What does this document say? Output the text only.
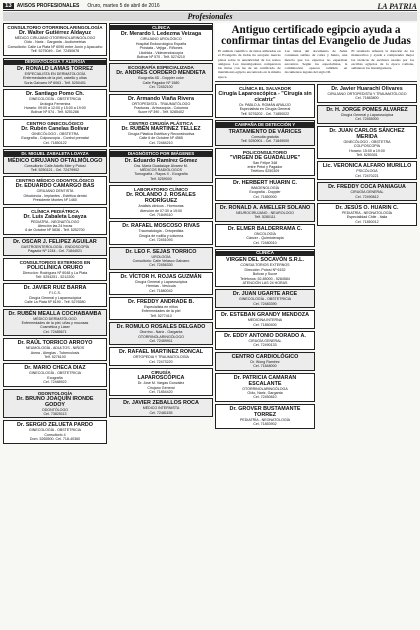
13	AVISOS PROFESIONALES Oruro, martes 5 de abril de 2016	LA PATRIA
Profesionales
CONSULTORIO OTORRINOLARINGOLOGÍA
Dr. Walter Gutiérrez Aldayuz
MÉDICO CIRUJANO OTORRINOLARINGÓLOGO
Oído - Nariz - Garganta - Audiometrías
Consultorio: Calle La Plata Nº 6090 entre Junín y Ayacucho
Telf. 5275049 - Cel. 72450678
DERMATOLOGÍA Y ALERGIA
Dr. RONALD LAMAS TORREZ
ESPECIALISTA EN DERMATOLOGÍA
Enfermedades de la piel, cabello y uñas
Soria Galvarro Nº 6063 - Telf. 5250401
Dr. Santiago Pomo Ch.
GINECOLOGÍA - OBSTETRICIA
Urología Femenina
Horario: 09:00 a 12:00 y 15:00 a 19:00
Bolívar Nº 574 - Telf. 5251286
CENTRO GINECOLÓGICO
Dr. Rubén Canelas Bolívar
GINECÓLOGO - OBSTETRA
Ecografía - Colposcopía - Control prenatal
Cel. 71850122
Dr. MIGUEL ZABALETA LOAYZA
MÉDICO CIRUJANO OFTALMÓLOGO
Consultorio: Calle Adolfo Mier y Potosí
Telf. 5250121 - Cel. 72479902
CENTRO MÉDICO ODONTOLÓGICO
Dr. EDUARDO CAMARGO BAS
CIRUJANO DENTISTA
Ortodoncia - Implantes - Estética dental
Presidente Montes Nº 1460
CLÍNICA PEDIÁTRICA
Dr. Luis Zabaleta Loayza
PEDIATRA - NEONATÓLOGO
Atención las 24 horas
6 de Octubre Nº 5836 - Telf. 5252700
Dr. OSCAR J. FELIPEZ AGUILAR
GASTROENTEROLOGÍA - ENDOSCOPÍA
Pagador Nº 1244 - Cel. 71844021
CONSULTORIOS EXTERNOS EN
POLICLÍNICA ORURO
Dirección: Rodríguez Nº 6048 y La Plata
Telf. 5254251 - 5212200
Dr. JAVIER RUIZ BARRA
F.I.C.S.
Cirugía General y Laparoscópica
Calle La Plata Nº 6190 - Telf. 5276580
Dr. RUBÉN MEALLA COCHABAMBA
MÉDICO DERMATÓLOGO
Enfermedades de la piel, uñas y mucosas
Cosmética y Láser
Cel. 72485671
Dr. RAÚL TORRICO ARROYO
NEUMOLOGÍA - ADULTOS - NIÑOS
Asma - Alergias - Tuberculosis
Telf. 5276100
Dr. MARIO CHECA DIAZ
GINECOLOGÍA - OBSTETRICIA
Ecografía
Cel. 72488922
ODONTOLOGÍA
Dr. BRUNO JOAQUÍN IRONDE GODOY
ODONTÓLOGO
Cel. 73825113
Dr. SERGIO ZELUETA PARDO
GINECOLOGÍA - OBSTETRICIA
Consultorio 4
Dom. 5265500. Cel. 718-40360
CLÍNICA
Dr. Merardo I. Ledezma Veizaga
CIRUJANO UROLÓGICO
Hospital Endourológico España
Próstata - Vejiga - Riñones
Litotricia - Videoendoscopía
Bolívar Nº 570 - Telf. 5274210
ECOGRAFÍA ESPECIALIZADA
Dr. ANDRÉS CORDERO MENDIETA
Ecografía 4D - Doppler color
Calle Pagador Nº 1580
Cel. 72452100
Dr. Armando Viaña Rivera
ORTOPEDISTA - TRAUMATÓLOGO
Fracturas - Artroscopía - Columna
Sucre Nº 390 - Telf. 5285402
CENTRO CIRUGÍA PLÁSTICA
Dr. RUBÉN MARTINEZ TELLEZ
Cirugía Plástica Estética y Reconstructiva
Calle 6 de Octubre Nº 4565
Cel. 72484210
DIAGNÓSTICO POR IMÁGENES
Dr. Eduardo Ramírez Gómez
Dra. María Guadalupe Álvarez M.
MÉDICOS RADIÓLOGOS
Tomografía - Rayos X - Ecografía
Telf. 5259000
LABORATORIO CLÍNICO
Dr. ROLANDO J. ROSALES RODRÍGUEZ
Análisis clínicos - Hormonas
Atención de 07:30 a 19:00
Cel. 71849110
Dr. RAFAEL MOSCOSO RIVAS
Traumatología - Ortopedista
Cirugía de rodilla y columna
Cel. 72451093
Dr. LEO F. SEJAS TORRICO
UROLOGÍA
Consultorio: Calle Velasco Galvarro
Cel. 72456330
Dr. VÍCTOR H. ROJAS GUZMÁN
Cirugía General y Laparoscópica
Hernias - Vesícula
Cel. 71880042
Dr. FREDDY ANDRADE B.
Especialista en niños
Enfermedades de la piel
Telf. 5277410
Dr. ROMULO ROSALES DELGADO
Otorrino - Nariz - Garganta
OTORRINOLARINGÓLOGO
Cel. 72459911
Dr. RAFAEL MARTINEZ RONCAL
ORTOPEDIA Y TRAUMATOLOGÍA
Cel. 72473220
CIRUGÍA
LAPAROSCÓPICA
Dr. José M. Vargas González
Cirujano General
Cel. 71854420
Dr. JAVIER ZEBALLOS ROCA
MÉDICO INTERNISTA
Cel. 72481155
Antiguo certificado egipcio ayuda a confirmar tintas del Evangelio de Judas

El análisis científico de tintas utilizadas en el Evangelio de Judas ha arrojado nuevas pistas sobre la autenticidad de los textos antiguos. Los investigadores compararon las tintas con las de un certificado de matrimonio egipcio encontrado en la misma época.

Las tintas del documento de Judas contienen sulfato de cobre y hierro, una mezcla que los expertos no esperaban encontrar. Según los especialistas, la combinación aparece también en documentos legales del siglo III.

El resultado refuerza la datación de los manuscritos y ayuda a comprender mejor las técnicas de escritura usadas por los escribas egipcios de la época romana, señalaron los investigadores.

CLÍNICA EL SALVADOR
Cirugía Laparoscópica - "Cirugía sin cicatriz"
Dr. PABLO A. ROMÁN ARAUJO
Especialista en Cirugía General
Telf. 5276202 - Cel. 71850022
CAMPAÑA DE DETECCIÓN Y
TRATAMIENTO DE VÁRICES
Consulta gratuita
Telf. 5250901 - Cel. 71849000
POLICONSULTORIO
"VIRGEN DE GUADALUPE"
San Felipe 348
entre Petot y Pagador
Teléfono 5250309
Dr. HERBERT HUARIN C.
IMAGENOLOGÍA
Ecografía - Doppler
Cel. 71850000
Dr. RONALD A. AMELLER SOLANO
NEUROCIRUJANO - NEUROLOGO
Telf. 5280111
Dr. ELMER BALDERRAMA C.
ONCOLOGÍA
Cáncer - Quimioterapia
Cel. 72480010
CLÍNICA
VIRGEN DEL SOCAVÓN S.R.L.
CONSULTORIOS EXTERNOS
Dirección: Potosí Nº 6152
Bolívar y Sucre
Teléfonos: 52-85000 - 5284584
ATENCIÓN LAS 24 HORAS
Dr. JUAN UGARTE ARCE
GINECOLOGÍA - OBSTETRICIA
Cel. 72483390
Dr. ESTEBAN GRANDY MENDOZA
MEDICINA INTERNA
Cel. 71850400
Dr. EDDY ANTONIO DORADO A.
CIRUGÍA GENERAL
Cel. 72490133
CENTRO CARDIOLÓGICO
Dr. Wong Ramirez
Cel. 71848000
Dr. PATRICIA CAMARAN ESCALANTE
OTORRINOLARINGÓLOGA
Oído, Nariz, Garganta
Cel. 72450810
Dr. GROVER BUSTAMANTE TORREZ
PEDIATRÍA - NEONATOLOGÍA
Cel. 71853902
Dr. Javier Huarachi Olivares
CIRUJANO ORTOPEDISTA Y TRAUMATÓLOGO
Cel. 71863800
Dr. H. JORGE POMES ALVAREZ
Cirugía General y Laparoscópica
Cel. 72455000
Dr. JUAN CARLOS SÁNCHEZ MERIDA
GINECÓLOGO - OBSTETRA
COLPOSCOPÍA
Horario: 15:00 a 19:00
Telf. 5250301
Lic. VERONICA ALFARO MURILLO
PSICÓLOGA
Cel. 72470221
Dr. FREDDY COCA PANIAGUA
CIRUGÍA GENERAL
Cel. 72490812
Dr. JESÚS O. HUARIN C.
PEDIATRÍA - NEONATOLOGÍA
Especialidad Chile - Italia
Cel. 71850012
